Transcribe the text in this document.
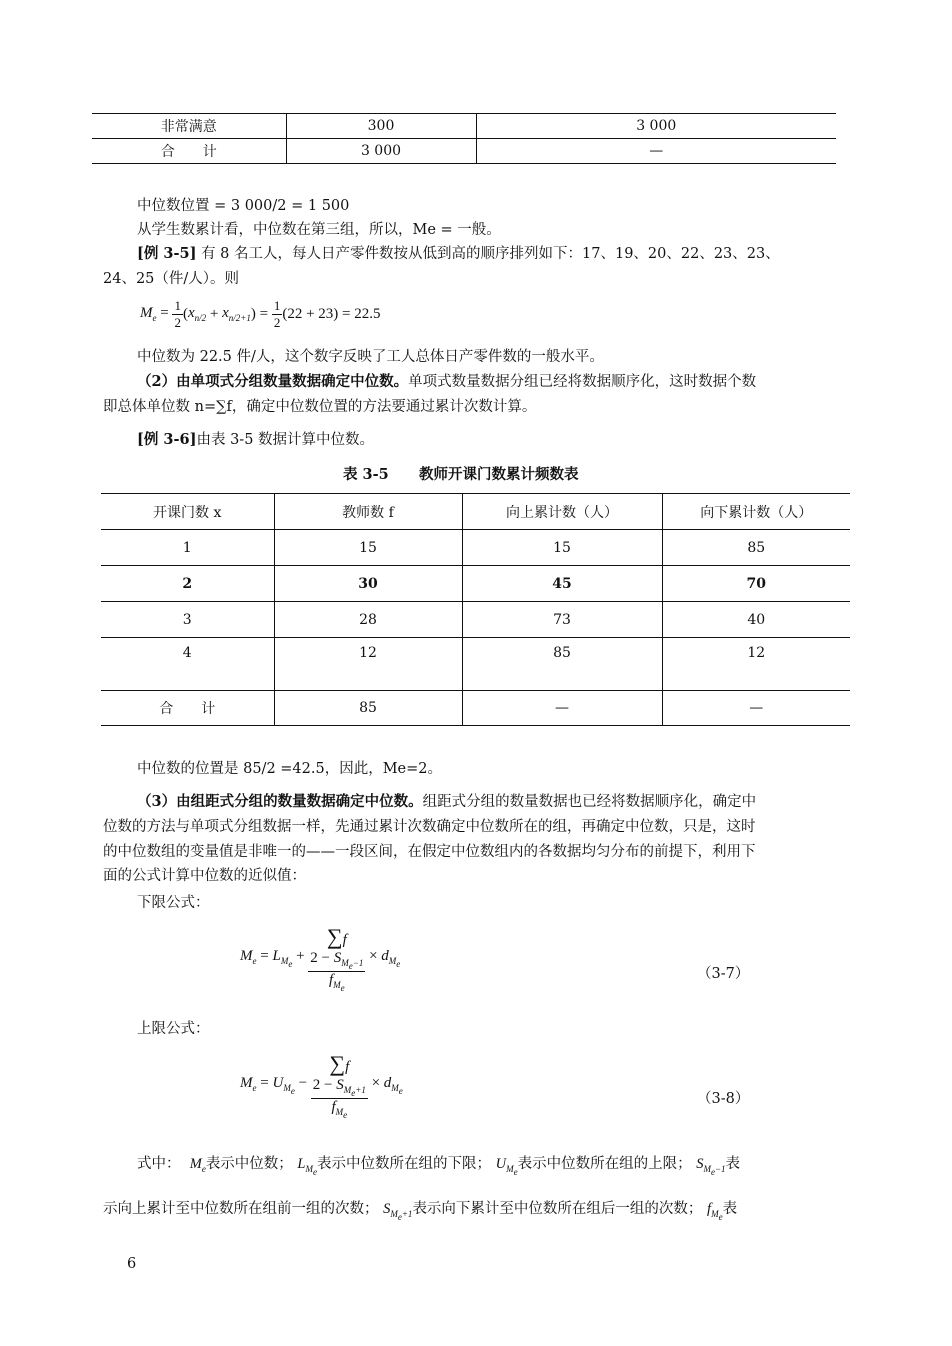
非常满意	300	3 000
合　　计	3 000	—
中位数位置 = 3 000/2 = 1 500
从学生数累计看，中位数在第三组，所以，Me = 一般。
[例 3-5] 有 8 名工人，每人日产零件数按从低到高的顺序排列如下：17、19、20、22、23、23、
24、25（件/人）。则
$M_e = \frac{1}{2}$ ( $x_{n/2} + x_{n/2+1}$ ) = $\frac{1}{2} (22 + 23) = 22.5$
中位数为 22.5 件/人，这个数字反映了工人总体日产零件数的一般水平。
（2）由单项式分组数量数据确定中位数。单项式数量数据分组已经将数据顺序化，这时数据个数
即总体单位数 n=∑f，确定中位数位置的方法要通过累计次数计算。
[例 3-6]由表 3-5 数据计算中位数。
表 3-5 教师开课门数累计频数表
开课门数 x	教师数 f	向上累计数（人）	向下累计数（人）
1	15	15	85
2	30	45	70
3	28	73	40
4	12	85	12
合　　计	85	—	—
中位数的位置是 85/2 =42.5，因此，Me=2。
（3）由组距式分组的数量数据确定中位数。组距式分组的数量数据也已经将数据顺序化，确定中
位数的方法与单项式分组数据一样，先通过累计次数确定中位数所在的组，再确定中位数，只是，这时
的中位数组的变量值是非唯一的——一段区间，在假定中位数组内的各数据均匀分布的前提下，利用下
面的公式计算中位数的近似值：
下限公式：
$M_e = L_{M_e}$ +
∑f
$2 - S_{M_e-1}$
$f_{M_e}$
× $d_{M_e}$
（3-7）
上限公式：
$M_e = U_{M_e}$ −
∑f
$2 - S_{M_e+1}$
$f_{M_e}$
× $d_{M_e}$
（3-8）
式中： $M_e$表示中位数； $L_{M_e}$表示中位数所在组的下限； $U_{M_e}$表示中位数所在组的上限； $S_{M_e-1}$表
示向上累计至中位数所在组前一组的次数； $S_{M_e+1}$表示向下累计至中位数所在组后一组的次数； $f_{M_e}$表
6
